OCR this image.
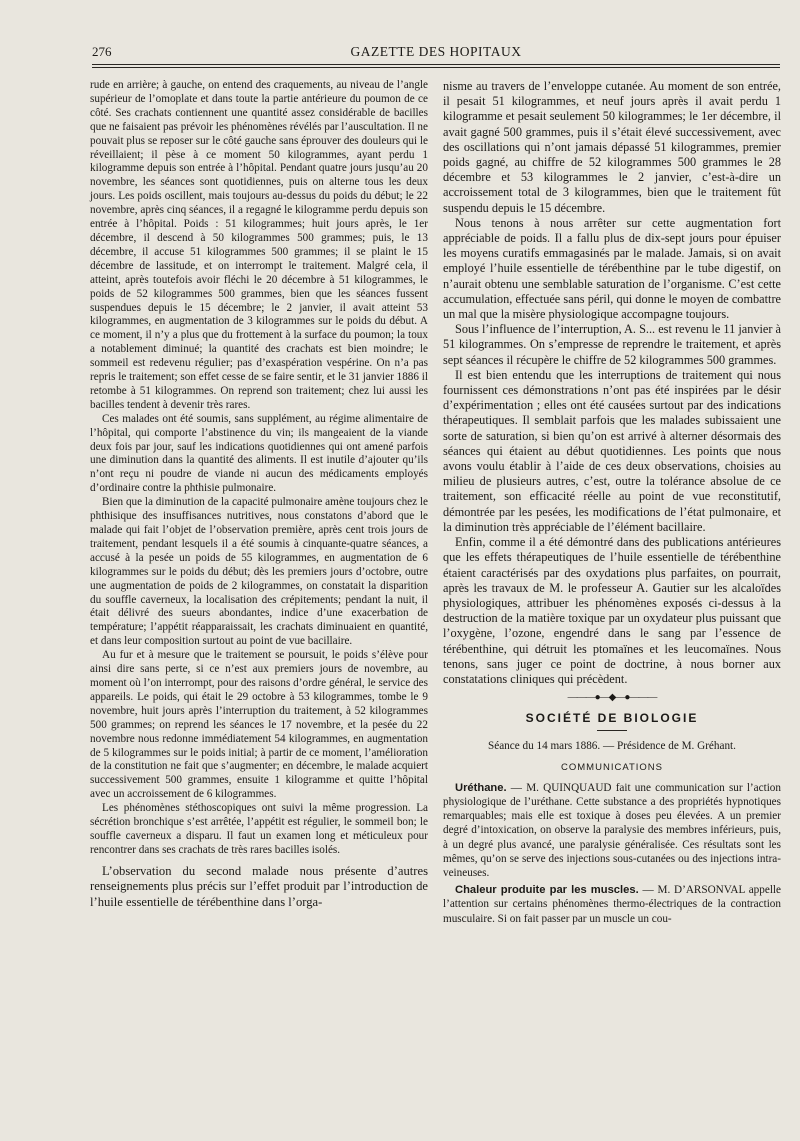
276	GAZETTE DES HOPITAUX

rude en arrière; à gauche, on entend des craquements, au niveau de l’angle supérieur de l’omoplate et dans toute la partie antérieure du poumon de ce côté. Ses crachats contiennent une quantité assez considérable de bacilles que ne faisaient pas prévoir les phénomènes révélés par l’auscultation. Il ne pouvait plus se reposer sur le côté gauche sans éprouver des douleurs qui le réveillaient; il pèse à ce moment 50 kilogrammes, ayant perdu 1 kilogramme depuis son entrée à l’hôpital. Pendant quatre jours jusqu’au 20 novembre, les séances sont quotidiennes, puis on alterne tous les deux jours. Les poids oscillent, mais toujours au-dessus du poids du début; le 22 novembre, après cinq séances, il a regagné le kilogramme perdu depuis son entrée à l’hôpital. Poids : 51 kilogrammes; huit jours après, le 1er décembre, il descend à 50 kilogrammes 500 grammes; puis, le 13 décembre, il accuse 51 kilogrammes 500 grammes; il se plaint le 15 décembre de lassitude, et on interrompt le traitement. Malgré cela, il atteint, après toutefois avoir fléchi le 20 décembre à 51 kilogrammes, le poids de 52 kilogrammes 500 grammes, bien que les séances fussent suspendues depuis le 15 décembre; le 2 janvier, il avait atteint 53 kilogrammes, en augmentation de 3 kilogrammes sur le poids du début. A ce moment, il n’y a plus que du frottement à la surface du poumon; la toux a notablement diminué; la quantité des crachats est bien moindre; le sommeil est redevenu régulier; pas d’exaspération vespérine. On n’a pas repris le traitement; son effet cesse de se faire sentir, et le 31 janvier 1886 il retombe à 51 kilogrammes. On reprend son traitement; chez lui aussi les bacilles tendent à devenir très rares.

Ces malades ont été soumis, sans supplément, au régime alimentaire de l’hôpital, qui comporte l’abstinence du vin; ils mangeaient de la viande deux fois par jour, sauf les indications quotidiennes qui ont amené parfois une diminution dans la quantité des aliments. Il est inutile d’ajouter qu’ils n’ont reçu ni poudre de viande ni aucun des médicaments employés d’ordinaire contre la phthisie pulmonaire.

Bien que la diminution de la capacité pulmonaire amène toujours chez le phthisique des insuffisances nutritives, nous constatons d’abord que le malade qui fait l’objet de l’observation première, après cent trois jours de traitement, pendant lesquels il a été soumis à cinquante-quatre séances, a accusé à la pesée un poids de 55 kilogrammes, en augmentation de 6 kilogrammes sur le poids du début; dès les premiers jours d’octobre, outre une augmentation de poids de 2 kilogrammes, on constatait la disparition du souffle caverneux, la localisation des crépitements; pendant la nuit, il était délivré des sueurs abondantes, indice d’une exacerbation de température; l’appétit réapparaissait, les crachats diminuaient en quantité, et dans leur composition surtout au point de vue bacillaire.

Au fur et à mesure que le traitement se poursuit, le poids s’élève pour ainsi dire sans perte, si ce n’est aux premiers jours de novembre, au moment où l’on interrompt, pour des raisons d’ordre général, le service des appareils. Le poids, qui était le 29 octobre à 53 kilogrammes, tombe le 9 novembre, huit jours après l’interruption du traitement, à 52 kilogrammes 500 grammes; on reprend les séances le 17 novembre, et la pesée du 22 novembre nous redonne immédiatement 54 kilogrammes, en augmentation de 5 kilogrammes sur le poids initial; à partir de ce moment, l’amélioration de la constitution ne fait que s’augmenter; en décembre, le malade acquiert successivement 500 grammes, ensuite 1 kilogramme et quitte l’hôpital avec un accroissement de 6 kilogrammes.

Les phénomènes stéthoscopiques ont suivi la même progression. La sécrétion bronchique s’est arrêtée, l’appétit est régulier, le sommeil bon; le souffle caverneux a disparu. Il faut un examen long et méticuleux pour rencontrer dans ses crachats de très rares bacilles isolés.

L’observation du second malade nous présente d’autres renseignements plus précis sur l’effet produit par l’introduction de l’huile essentielle de térébenthine dans l’orga-

nisme au travers de l’enveloppe cutanée. Au moment de son entrée, il pesait 51 kilogrammes, et neuf jours après il avait perdu 1 kilogramme et pesait seulement 50 kilogrammes; le 1er décembre, il avait gagné 500 grammes, puis il s’était élevé successivement, avec des oscillations qui n’ont jamais dépassé 51 kilogrammes, premier poids gagné, au chiffre de 52 kilogrammes 500 grammes le 28 décembre et 53 kilogrammes le 2 janvier, c’est-à-dire un accroissement total de 3 kilogrammes, bien que le traitement fût suspendu depuis le 15 décembre.

Nous tenons à nous arrêter sur cette augmentation fort appréciable de poids. Il a fallu plus de dix-sept jours pour épuiser les moyens curatifs emmagasinés par le malade. Jamais, si on avait employé l’huile essentielle de térébenthine par le tube digestif, on n’aurait obtenu une semblable saturation de l’organisme. C’est cette accumulation, effectuée sans péril, qui donne le moyen de combattre un mal que la misère physiologique accompagne toujours.

Sous l’influence de l’interruption, A. S... est revenu le 11 janvier à 51 kilogrammes. On s’empresse de reprendre le traitement, et après sept séances il récupère le chiffre de 52 kilogrammes 500 grammes.

Il est bien entendu que les interruptions de traitement qui nous fournissent ces démonstrations n’ont pas été inspirées par le désir d’expérimentation ; elles ont été causées surtout par des indications thérapeutiques. Il semblait parfois que les malades subissaient une sorte de saturation, si bien qu’on est arrivé à alterner désormais des séances qui étaient au début quotidiennes. Les points que nous avons voulu établir à l’aide de ces deux observations, choisies au milieu de plusieurs autres, c’est, outre la tolérance absolue de ce traitement, son efficacité réelle au point de vue reconstitutif, démontrée par les pesées, les modifications de l’état pulmonaire, et la diminution très appréciable de l’élément bacillaire.

Enfin, comme il a été démontré dans des publications antérieures que les effets thérapeutiques de l’huile essentielle de térébenthine étaient caractérisés par des oxydations plus parfaites, on pourrait, après les travaux de M. le professeur A. Gautier sur les alcaloïdes physiologiques, attribuer les phénomènes exposés ci-dessus à la destruction de la matière toxique par un oxydateur plus puissant que l’oxygène, l’ozone, engendré dans le sang par l’essence de térébenthine, qui détruit les ptomaïnes et les leucomaïnes. Nous tenons, sans juger ce point de doctrine, à nous borner aux constatations cliniques qui précèdent.

———●—◆—●———
SOCIÉTÉ DE BIOLOGIE

Séance du 14 mars 1886. — Présidence de M. Gréhant.

COMMUNICATIONS

Uréthane. — M. QUINQUAUD fait une communication sur l’action physiologique de l’uréthane. Cette substance a des propriétés hypnotiques remarquables; mais elle est toxique à doses peu élevées. A un premier degré d’intoxication, on observe la paralysie des membres inférieurs, puis, à un degré plus avancé, une paralysie généralisée. Ces résultats sont les mêmes, qu’on se serve des injections sous-cutanées ou des injections intra-veineuses.

Chaleur produite par les muscles. — M. D’ARSONVAL appelle l’attention sur certains phénomènes thermo-électriques de la contraction musculaire. Si on fait passer par un muscle un cou-
